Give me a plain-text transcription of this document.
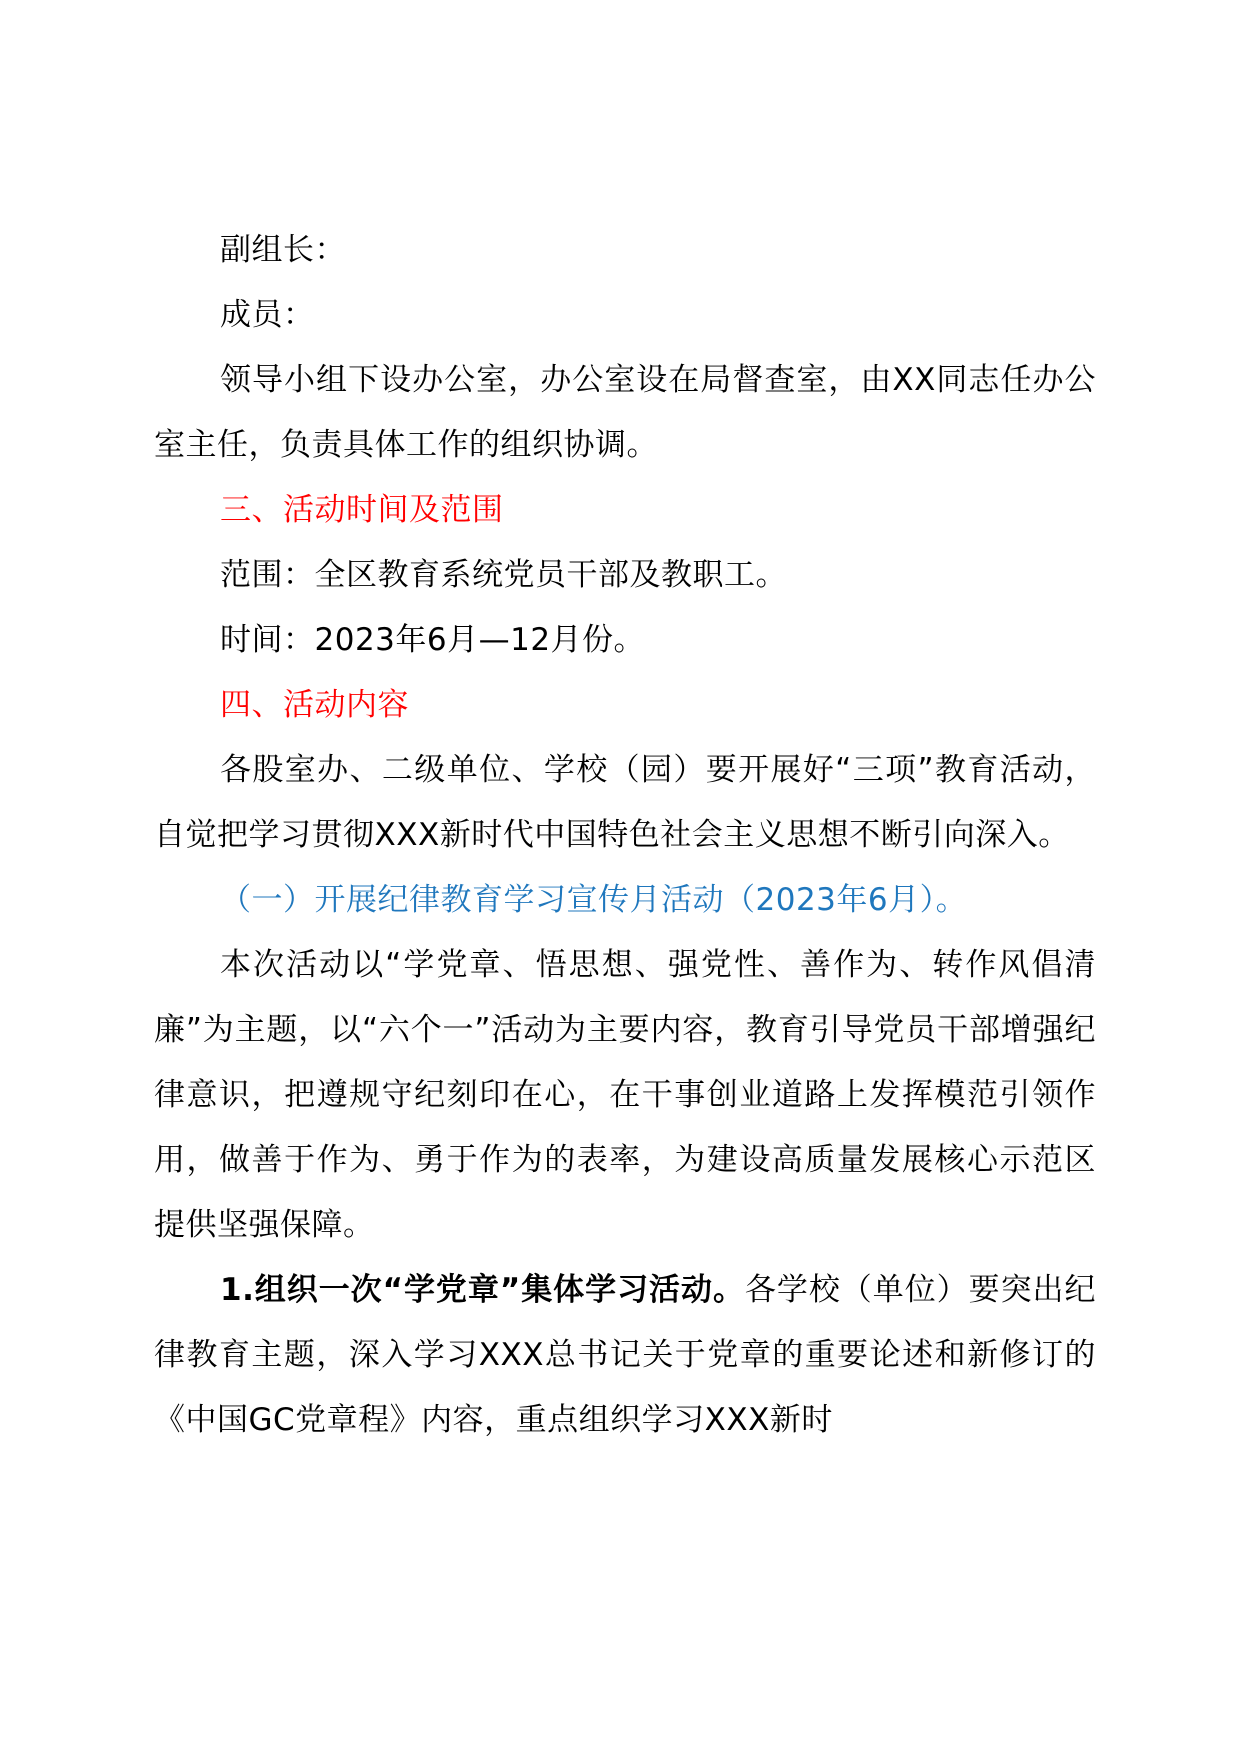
副组长：

成员：

领导小组下设办公室，办公室设在局督查室，由XX同志任办公室主任，负责具体工作的组织协调。

三、活动时间及范围

范围：全区教育系统党员干部及教职工。

时间：2023年6月—12月份。

四、活动内容

各股室办、二级单位、学校（园）要开展好“三项”教育活动，自觉把学习贯彻XXX新时代中国特色社会主义思想不断引向深入。

（一）开展纪律教育学习宣传月活动（2023年6月）。

本次活动以“学党章、悟思想、强党性、善作为、转作风倡清廉”为主题，以“六个一”活动为主要内容，教育引导党员干部增强纪律意识，把遵规守纪刻印在心，在干事创业道路上发挥模范引领作用，做善于作为、勇于作为的表率，为建设高质量发展核心示范区提供坚强保障。

1.组织一次“学党章”集体学习活动。各学校（单位）要突出纪律教育主题，深入学习XXX总书记关于党章的重要论述和新修订的《中国GC党章程》内容，重点组织学习XXX新时
